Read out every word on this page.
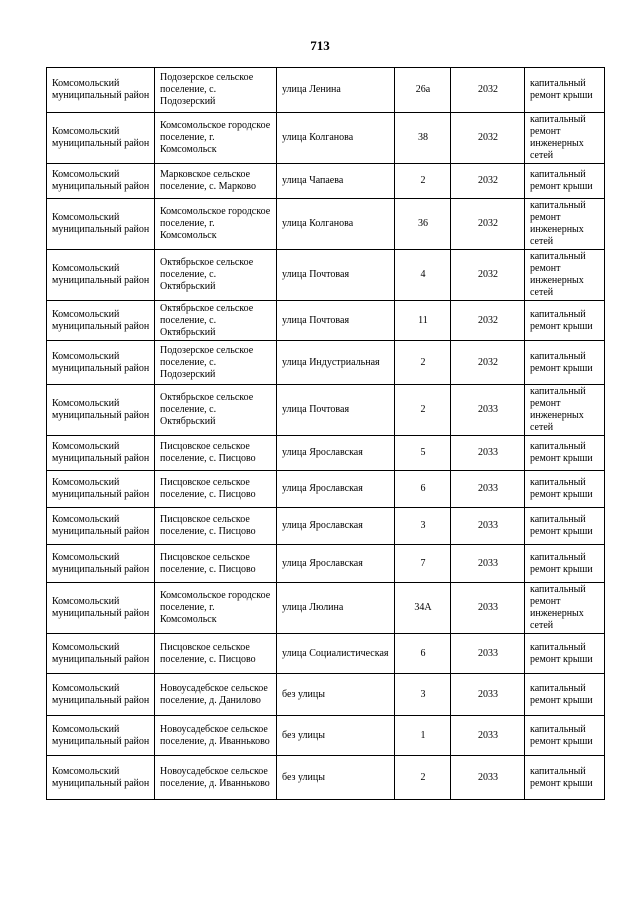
713
Комсомольский муниципальный район	Подозерское сельское поселение, с. Подозерский	улица Ленина	26а	2032	капитальный ремонт крыши
Комсомольский муниципальный район	Комсомольское городское поселение, г. Комсомольск	улица Колганова	38	2032	капитальный ремонт инженерных сетей
Комсомольский муниципальный район	Марковское сельское поселение, с. Марково	улица Чапаева	2	2032	капитальный ремонт крыши
Комсомольский муниципальный район	Комсомольское городское поселение, г. Комсомольск	улица Колганова	36	2032	капитальный ремонт инженерных сетей
Комсомольский муниципальный район	Октябрьское сельское поселение, с. Октябрьский	улица Почтовая	4	2032	капитальный ремонт инженерных сетей
Комсомольский муниципальный район	Октябрьское сельское поселение, с. Октябрьский	улица Почтовая	11	2032	капитальный ремонт крыши
Комсомольский муниципальный район	Подозерское сельское поселение, с. Подозерский	улица Индустриальная	2	2032	капитальный ремонт крыши
Комсомольский муниципальный район	Октябрьское сельское поселение, с. Октябрьский	улица Почтовая	2	2033	капитальный ремонт инженерных сетей
Комсомольский муниципальный район	Писцовское сельское поселение, с. Писцово	улица Ярославская	5	2033	капитальный ремонт крыши
Комсомольский муниципальный район	Писцовское сельское поселение, с. Писцово	улица Ярославская	6	2033	капитальный ремонт крыши
Комсомольский муниципальный район	Писцовское сельское поселение, с. Писцово	улица Ярославская	3	2033	капитальный ремонт крыши
Комсомольский муниципальный район	Писцовское сельское поселение, с. Писцово	улица Ярославская	7	2033	капитальный ремонт крыши
Комсомольский муниципальный район	Комсомольское городское поселение, г. Комсомольск	улица Люлина	34А	2033	капитальный ремонт инженерных сетей
Комсомольский муниципальный район	Писцовское сельское поселение, с. Писцово	улица Социалистическая	6	2033	капитальный ремонт крыши
Комсомольский муниципальный район	Новоусадебское сельское поселение, д. Данилово	без улицы	3	2033	капитальный ремонт крыши
Комсомольский муниципальный район	Новоусадебское сельское поселение, д. Иванньково	без улицы	1	2033	капитальный ремонт крыши
Комсомольский муниципальный район	Новоусадебское сельское поселение, д. Иванньково	без улицы	2	2033	капитальный ремонт крыши
